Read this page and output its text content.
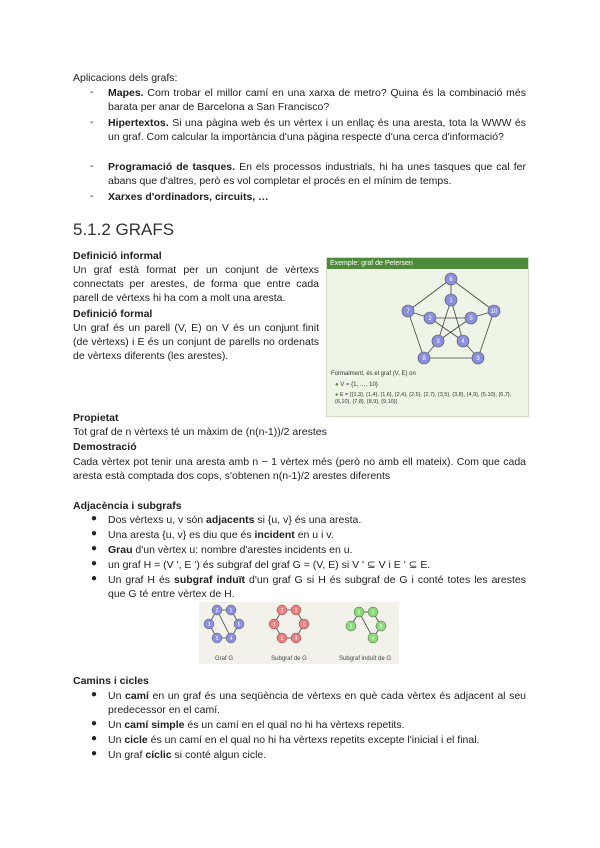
Aplicacions dels grafs:
- Mapes. Com trobar el millor camí en una xarxa de metro? Quina és la combinació més barata per anar de Barcelona a San Francisco?
- Hipertextos. Si una pàgina web és un vèrtex i un enllaç és una aresta, tota la WWW és un graf. Com calcular la importància d'una pàgina respecte d'una cerca d'informació?
- Programació de tasques. En els processos industrials, hi ha unes tasques que cal fer abans que d'altres, però es vol completar el procés en el mínim de temps.
- Xarxes d'ordinadors, circuits, …
5.1.2 GRAFS
Definició informal
Un graf està format per un conjunt de vèrtexs connectats per arestes, de forma que entre cada parell de vèrtexs hi ha com a molt una aresta.
Definició formal
Un graf és un parell (V, E) on V és un conjunt finit (de vèrtexs) i E és un conjunt de parells no ordenats de vèrtexs diferents (les arestes).
Exemple: graf de Petersen
6
1
7
2	5
10
3	4
8	9
Formalment, és el graf (V, E) on
● V = {1, …, 10}
● E = {{1,3}, {1,4}, {1,6}, {2,4}, {2,5}, {2,7}, {3,5}, {3,8}, {4,9}, {5,10}, {6,7}, {6,10}, {7,8}, {8,9}, {9,10}}
Propietat
Tot graf de n vèrtexs té un màxim de (n(n-1))/2 arestes
Demostració
Cada vèrtex pot tenir una aresta amb n − 1 vèrtex més (però no amb ell mateix). Com que cada aresta està comptada dos cops, s'obtenen n(n-1)/2 arestes diferents
Adjacència i subgrafs
● Dos vèrtexs u, v són adjacents si {u, v} és una aresta.
● Una aresta {u, v} es diu que és incident en u i v.
● Grau d'un vèrtex u: nombre d'arestes incidents en u.
● un graf H = (V ', E ') és subgraf del graf G = (V, E) si V ' ⊆ V i E ' ⊆ E.
● Un graf H és subgraf induït d'un graf G si H és subgraf de G i conté totes les arestes que G té entre vèrtex de H.
2 1
6
4
5
3
2 1
6
4
5
3
2 1
6
4
3
Graf G	Subgraf de G	Subgraf induït de G
Camins i cicles
● Un camí en un graf és una seqüència de vèrtexs en què cada vèrtex és adjacent al seu predecessor en el camí.
● Un camí simple és un camí en el qual no hi ha vèrtexs repetits.
● Un cicle és un camí en el qual no hi ha vèrtexs repetits excepte l'inicial i el final.
● Un graf cíclic si conté algun cicle.
